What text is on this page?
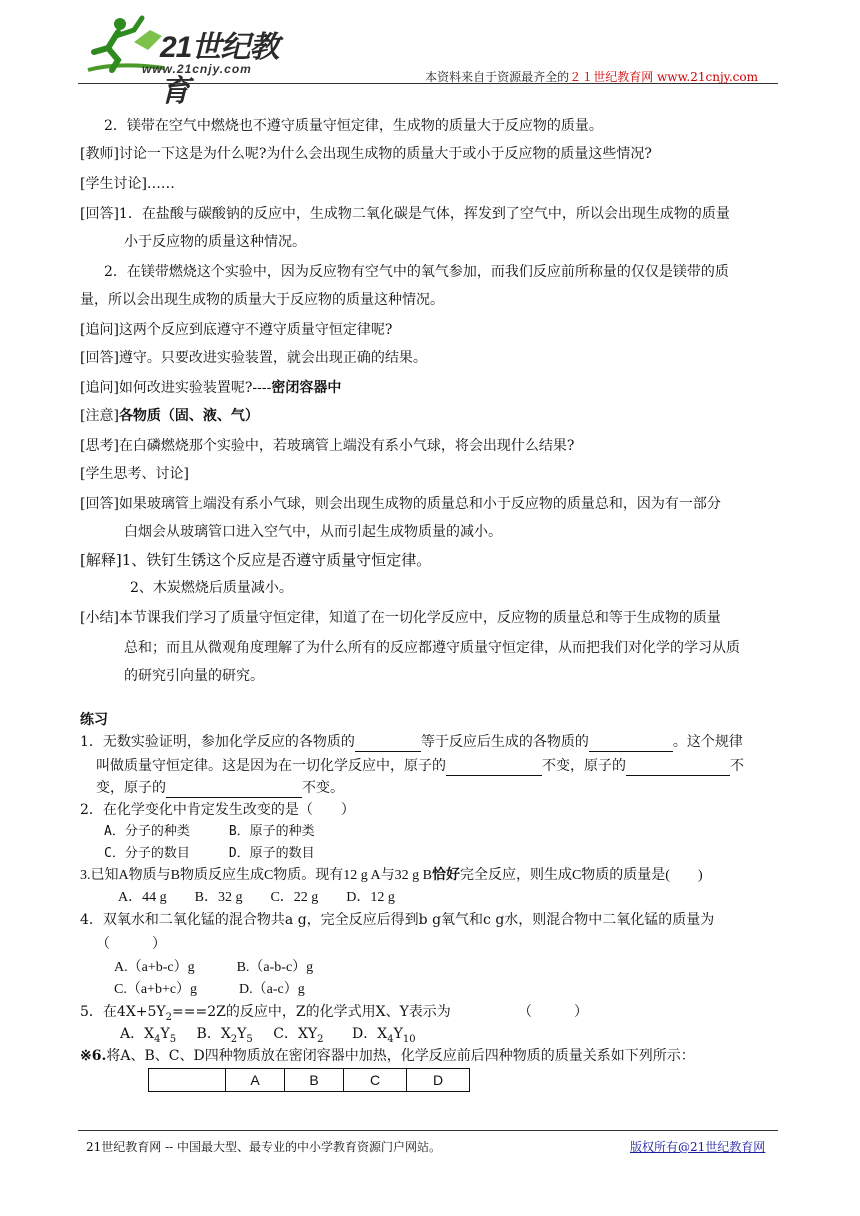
21世纪教育
www.21cnjy.com
本资料来自于资源最齐全的２１世纪教育网 www.21cnjy.com
2．镁带在空气中燃烧也不遵守质量守恒定律，生成物的质量大于反应物的质量。
[教师]讨论一下这是为什么呢?为什么会出现生成物的质量大于或小于反应物的质量这些情况?
[学生讨论]……
[回答]1．在盐酸与碳酸钠的反应中，生成物二氧化碳是气体，挥发到了空气中，所以会出现生成物的质量
小于反应物的质量这种情况。
2．在镁带燃烧这个实验中，因为反应物有空气中的氧气参加，而我们反应前所称量的仅仅是镁带的质
量，所以会出现生成物的质量大于反应物的质量这种情况。
[追问]这两个反应到底遵守不遵守质量守恒定律呢?
[回答]遵守。只要改进实验装置，就会出现正确的结果。
[追问]如何改进实验装置呢?----密闭容器中
[注意]各物质（固、液、气）
[思考]在白磷燃烧那个实验中，若玻璃管上端没有系小气球，将会出现什么结果?
[学生思考、讨论]
[回答]如果玻璃管上端没有系小气球，则会出现生成物的质量总和小于反应物的质量总和，因为有一部分
白烟会从玻璃管口进入空气中，从而引起生成物质量的减小。
[解释]1、铁钉生锈这个反应是否遵守质量守恒定律。
2、木炭燃烧后质量减小。
[小结]本节课我们学习了质量守恒定律，知道了在一切化学反应中，反应物的质量总和等于生成物的质量
总和；而且从微观角度理解了为什么所有的反应都遵守质量守恒定律，从而把我们对化学的学习从质
的研究引向量的研究。
练习
1．无数实验证明，参加化学反应的各物质的	等于反应后生成的各物质的	。这个规律
叫做质量守恒定律。这是因为在一切化学反应中，原子的	不变，原子的	不
变，原子的	不变。
2．在化学变化中肯定发生改变的是（　　）
A．分子的种类　　　B．原子的种类
C．分子的数目　　　D．原子的数目
3.已知A物质与B物质反应生成C物质。现有12 g A与32 g B恰好完全反应，则生成C物质的质量是(　　)
A．44 g　　B．32 g　　C．22 g　　D．12 g
4．双氧水和二氧化锰的混合物共a g，完全反应后得到b g氧气和c g水，则混合物中二氧化锰的质量为
（　　　）
A.（a+b-c）g　　　B.（a-b-c）g
C.（a+b+c）g　　　D.（a-c）g
5．在$4X+5Y_2===2Z$的反应中，Z的化学式用X、Y表示为	（　　　）
A．$X_4Y_5$ B．$X_2Y_5$ C．$XY_2$ D．$X_4Y_{10}$
※6.将A、B、C、D四种物质放在密闭容器中加热，化学反应前后四种物质的质量关系如下列所示：
	A	B	C	D
21世纪教育网 -- 中国最大型、最专业的中小学教育资源门户网站。	版权所有@21世纪教育网
